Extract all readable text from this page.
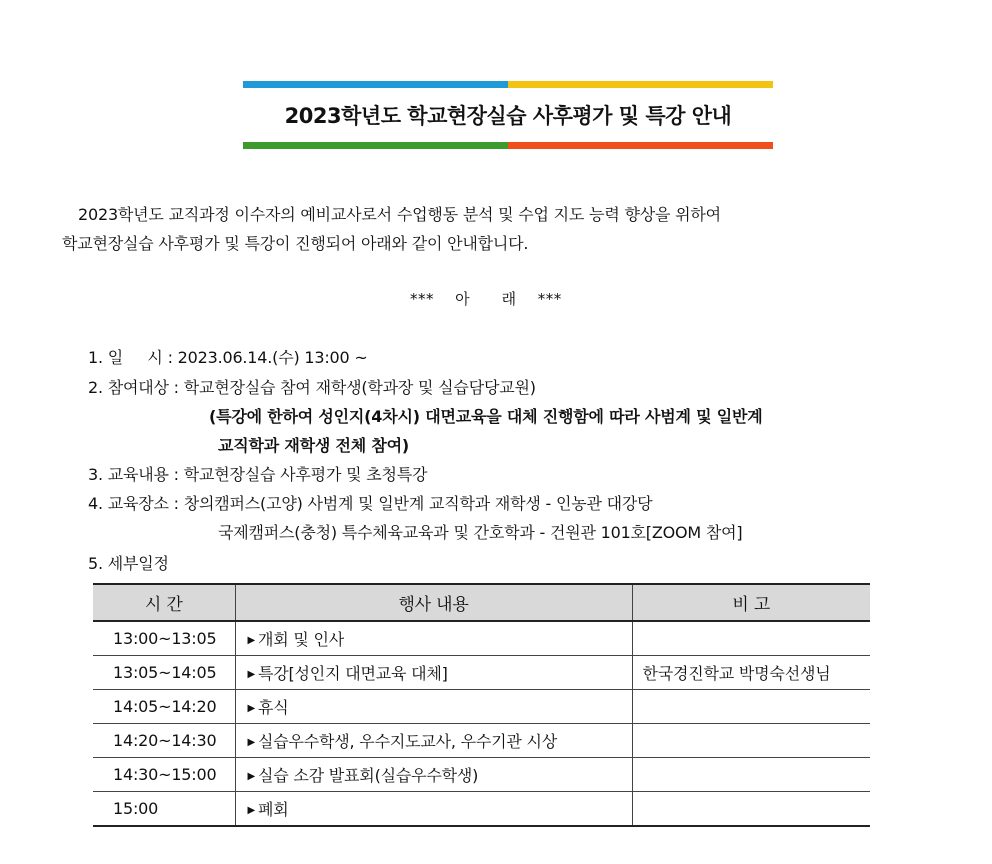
2023학년도 학교현장실습 사후평가 및 특강 안내
2023학년도 교직과정 이수자의 예비교사로서 수업행동 분석 및 수업 지도 능력 향상을 위하여
학교현장실습 사후평가 및 특강이 진행되어 아래와 같이 안내합니다.
***    아      래    ***
1. 일     시 : 2023.06.14.(수) 13:00 ~
2. 참여대상 : 학교현장실습 참여 재학생(학과장 및 실습담당교원)
(특강에 한하여 성인지(4차시) 대면교육을 대체 진행함에 따라 사범계 및 일반계
교직학과 재학생 전체 참여)
3. 교육내용 : 학교현장실습 사후평가 및 초청특강
4. 교육장소 : 창의캠퍼스(고양) 사범계 및 일반계 교직학과 재학생 - 인농관 대강당
국제캠퍼스(충청) 특수체육교육과 및 간호학과 - 건원관 101호[ZOOM 참여]
5. 세부일정
시 간	행사 내용	비 고
13:00~13:05	▶ 개회 및 인사	
13:05~14:05	▶ 특강[성인지 대면교육 대체]	한국경진학교 박명숙선생님
14:05~14:20	▶ 휴식	
14:20~14:30	▶ 실습우수학생, 우수지도교사, 우수기관 시상	
14:30~15:00	▶ 실습 소감 발표회(실습우수학생)	
15:00	▶ 폐회	
